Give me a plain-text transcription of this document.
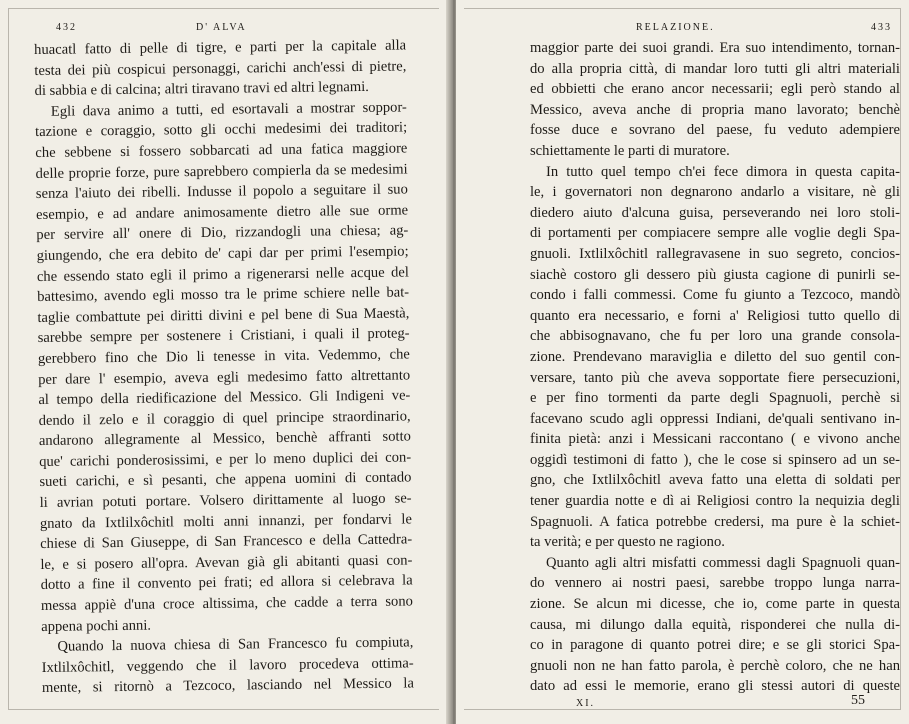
432	D' ALVA
huacatl fatto di pelle di tigre, e parti per la capitale alla
testa dei più cospicui personaggi, carichi anch'essi di pietre,
di sabbia e di calcina; altri tiravano travi ed altri legnami.
Egli dava animo a tutti, ed esortavali a mostrar soppor-
tazione e coraggio, sotto gli occhi medesimi dei traditori;
che sebbene si fossero sobbarcati ad una fatica maggiore
delle proprie forze, pure saprebbero compierla da se medesimi
senza l'aiuto dei ribelli. Indusse il popolo a seguitare il suo
esempio, e ad andare animosamente dietro alle sue orme
per servire all' onere di Dio, rizzandogli una chiesa; ag-
giungendo, che era debito de' capi dar per primi l'esempio;
che essendo stato egli il primo a rigenerarsi nelle acque del
battesimo, avendo egli mosso tra le prime schiere nelle bat-
taglie combattute pei diritti divini e pel bene di Sua Maestà,
sarebbe sempre per sostenere i Cristiani, i quali il proteg-
gerebbero fino che Dio li tenesse in vita. Vedemmo, che
per dare l' esempio, aveva egli medesimo fatto altrettanto
al tempo della riedificazione del Messico. Gli Indigeni ve-
dendo il zelo e il coraggio di quel principe straordinario,
andarono allegramente al Messico, benchè affranti sotto
que' carichi ponderosissimi, e per lo meno duplici dei con-
sueti carichi, e sì pesanti, che appena uomini di contado
li avrian potuti portare. Volsero dirittamente al luogo se-
gnato da Ixtlilxôchitl molti anni innanzi, per fondarvi le
chiese di San Giuseppe, di San Francesco e della Cattedra-
le, e si posero all'opra. Avevan già gli abitanti quasi con-
dotto a fine il convento pei frati; ed allora si celebrava la
messa appiè d'una croce altissima, che cadde a terra sono
appena pochi anni.
Quando la nuova chiesa di San Francesco fu compiuta,
Ixtlilxôchitl, veggendo che il lavoro procedeva ottima-
mente, si ritornò a Tezcoco, lasciando nel Messico la
RELAZIONE.	433
maggior parte dei suoi grandi. Era suo intendimento, tornan-
do alla propria città, di mandar loro tutti gli altri materiali
ed obbietti che erano ancor necessarii; egli però stando al
Messico, aveva anche di propria mano lavorato; benchè
fosse duce e sovrano del paese, fu veduto adempiere
schiettamente le parti di muratore.
In tutto quel tempo ch'ei fece dimora in questa capita-
le, i governatori non degnarono andarlo a visitare, nè gli
diedero aiuto d'alcuna guisa, perseverando nei loro stoli-
di portamenti per compiacere sempre alle voglie degli Spa-
gnuoli. Ixtlilxôchitl rallegravasene in suo segreto, concios-
siachè costoro gli dessero più giusta cagione di punirli se-
condo i falli commessi. Come fu giunto a Tezcoco, mandò
quanto era necessario, e forni a' Religiosi tutto quello di
che abbisognavano, che fu per loro una grande consola-
zione. Prendevano maraviglia e diletto del suo gentil con-
versare, tanto più che aveva sopportate fiere persecuzioni,
e per fino tormenti da parte degli Spagnuoli, perchè si
facevano scudo agli oppressi Indiani, de'quali sentivano in-
finita pietà: anzi i Messicani raccontano ( e vivono anche
oggidì testimoni di fatto ), che le cose si spinsero ad un se-
gno, che Ixtlilxôchitl aveva fatto una eletta di soldati per
tener guardia notte e dì ai Religiosi contro la nequizia degli
Spagnuoli. A fatica potrebbe credersi, ma pure è la schiet-
ta verità; e per questo ne ragiono.
Quanto agli altri misfatti commessi dagli Spagnuoli quan-
do vennero ai nostri paesi, sarebbe troppo lunga narra-
zione. Se alcun mi dicesse, che io, come parte in questa
causa, mi dilungo dalla equità, risponderei che nulla di-
co in paragone di quanto potrei dire; e se gli storici Spa-
gnuoli non ne han fatto parola, è perchè coloro, che ne han
dato ad essi le memorie, erano gli stessi autori di queste
XI.	55
